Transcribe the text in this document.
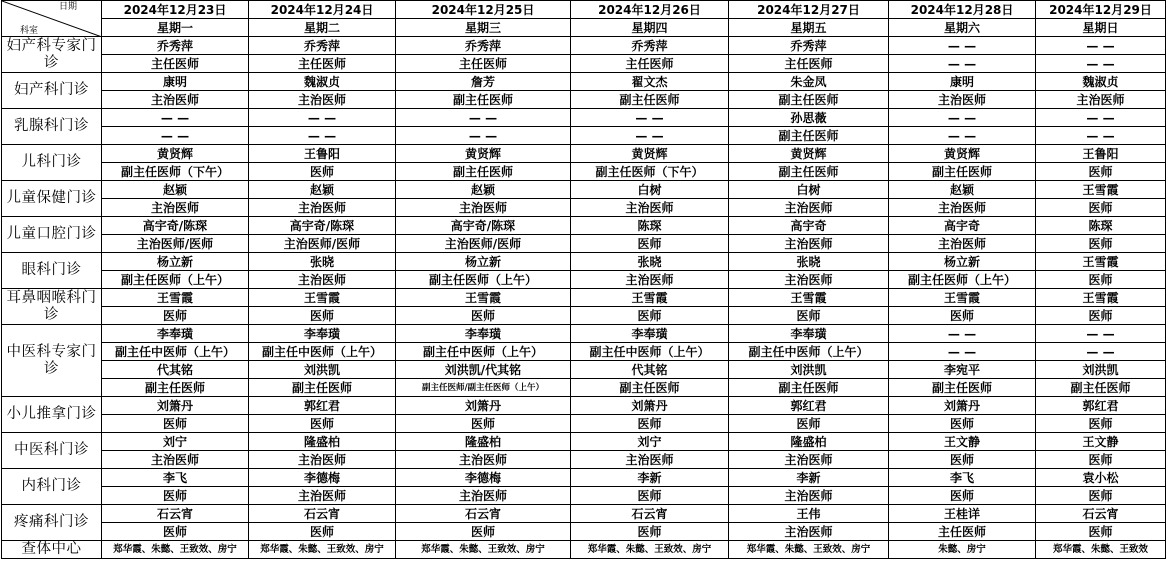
日期
科室	2024年12月23日	2024年12月24日	2024年12月25日	2024年12月26日	2024年12月27日	2024年12月28日	2024年12月29日
	星期一	星期二	星期三	星期四	星期五	星期六	星期日
妇产科专家门诊	乔秀萍	乔秀萍	乔秀萍	乔秀萍	乔秀萍	— —	— —
	主任医师	主任医师	主任医师	主任医师	主任医师	— —	— —
妇产科门诊	康明	魏淑贞	詹芳	翟文杰	朱金凤	康明	魏淑贞
	主治医师	主治医师	副主任医师	副主任医师	副主任医师	主治医师	主治医师
乳腺科门诊	— —	— —	— —	— —	孙思薇	— —	— —
	— —	— —	— —	— —	副主任医师	— —	— —
儿科门诊	黄贤辉	王鲁阳	黄贤辉	黄贤辉	黄贤辉	黄贤辉	王鲁阳
	副主任医师（下午）	医师	副主任医师	副主任医师（下午）	副主任医师	副主任医师	医师
儿童保健门诊	赵颖	赵颖	赵颖	白树	白树	赵颖	王雪霞
	主治医师	主治医师	主治医师	主治医师	主治医师	主治医师	医师
儿童口腔门诊	高宇奇/陈琛	高宇奇/陈琛	高宇奇/陈琛	陈琛	高宇奇	高宇奇	陈琛
	主治医师/医师	主治医师/医师	主治医师/医师	医师	主治医师	主治医师	医师
眼科门诊	杨立新	张晓	杨立新	张晓	张晓	杨立新	王雪霞
	副主任医师（上午）	主治医师	副主任医师（上午）	主治医师	主治医师	副主任医师（上午）	医师
耳鼻咽喉科门诊	王雪霞	王雪霞	王雪霞	王雪霞	王雪霞	王雪霞	王雪霞
	医师	医师	医师	医师	医师	医师	医师
中医科专家门诊	李奉璜	李奉璜	李奉璜	李奉璜	李奉璜	— —	— —
	副主任中医师（上午）	副主任中医师（上午）	副主任中医师（上午）	副主任中医师（上午）	副主任中医师（上午）	— —	— —
	代其铭	刘洪凯	刘洪凯/代其铭	代其铭	刘洪凯	李宛平	刘洪凯
	副主任医师	副主任医师	副主任医师/副主任医师（上午）	副主任医师	副主任医师	副主任医师	副主任医师
小儿推拿门诊	刘箫丹	郭红君	刘箫丹	刘箫丹	郭红君	刘箫丹	郭红君
	医师	医师	医师	医师	医师	医师	医师
中医科门诊	刘宁	隆盛柏	隆盛柏	刘宁	隆盛柏	王文静	王文静
	主治医师	主治医师	主治医师	主治医师	主治医师	医师	医师
内科门诊	李飞	李德梅	李德梅	李新	李新	李飞	袁小松
	医师	主治医师	主治医师	医师	主治医师	医师	医师
疼痛科门诊	石云宵	石云宵	石云宵	石云宵	王伟	王桂详	石云宵
	医师	医师	医师	医师	主治医师	主任医师	医师
查体中心	郑华霞、朱懿、王致效、房宁	郑华霞、朱懿、王致效、房宁	郑华霞、朱懿、王致效、房宁	郑华霞、朱懿、王致效、房宁	郑华霞、朱懿、王致效、房宁	朱懿、房宁	郑华霞、朱懿、王致效
